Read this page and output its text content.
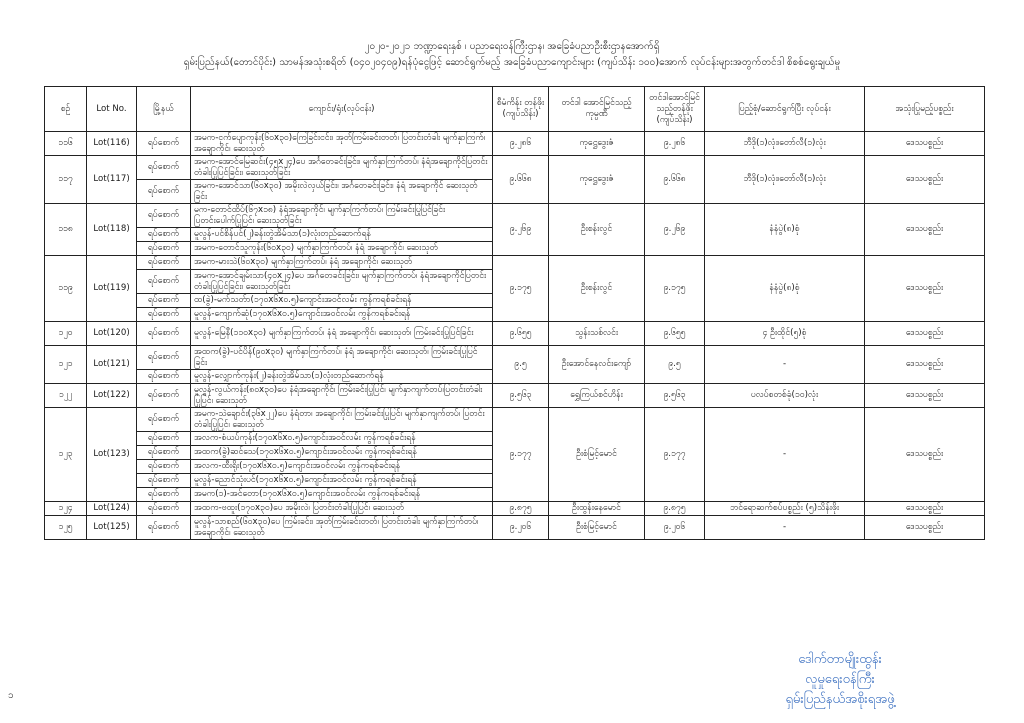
၂၀၂၀-၂၀၂၁ ဘဏ္ဍာရေးနှစ် ၊ ပညာရေးဝန်ကြီးဌာန၊ အခြေခံပညာဦးစီးဌာနအောက်ရှိ
ရှမ်းပြည်နယ်(တောင်ပိုင်း) သာမန်အသုံးစရိတ် (၀၄၀၂၀၄၀၉)ရန်ပုံငွေဖြင့် ဆောင်ရွက်မည့် အခြေခံပညာကျောင်းများ (ကျပ်သိန်း ၁၀၀)အောက် လုပ်ငန်းများအတွက်တင်ဒါ စိစစ်ရွေးချယ်မှု
စဉ်	Lot No.	မြို့နယ်	ကျောင်း/ရုံး(လုပ်ငန်း)	စီမံကိန်း တန်ဖိုး (ကျပ်သိန်း)	တင်ဒါ အောင်မြင်သည့်ကုမ္ပဏီ	တင်ဒါအောင်မြင် သည့်တန်ဖိုး (ကျပ်သိန်း)	ပြည့်စုံ/ဆောင်ရွက်ပြီး လုပ်ငန်း	အသုံးပြုမည့်ပစ္စည်း
၁၁၆	Lot(116)	ရပ်စောက်	အမက-ငှက်ပျောကုန်း(၆၀x၃၀)ကြေခြင်းငင်း၊ အုတ်ကြမ်းခင်းတတ်၊ ပြတင်းတံခါး မျက်နှာကြက်၊ အချောကိုင်၊ ဆေးသုတ်	၉.၂၈၆	ကုဋ္ဌေဒွေးဇံ	၉.၂၈၆	ဘီဒို(၁)လုံး၊တော်လီ(၁)လုံး	ဒေသပစ္စည်း
၁၁၇	Lot(117)	ရပ်စောက်	အမက-အောင်မြေဆင်း(၄၅x၂၄)ပေ အင်္ဂတေခင်းခြင်း၊ မျက်နှာကြက်တပ်၊ နံရံအချောကိုင်ပြတင်းတံခါးပြုပြင်ခြင်း၊ ဆေးသုတ်ခြင်း	၉.၆၆၈	ကုဋ္ဌေဒွေးဇံ	၉.၆၆၈	ဘီဒို(၁)လုံး၊တော်လီ(၁)လုံး	ဒေသပစ္စည်း
		ရပ်စောက်	အမက-အောင်သာ(၆၀x၃၀) အမိုးလဲလှယ်ခြင်း၊ အင်္ဂတေခင်းခြင်း၊ နံရံ အချောကိုင် ဆေးသုတ်ခြင်း					
၁၁၈	Lot(118)	ရပ်စောက်	မက-တောင်ထိပ်(၆၇x၁၈) နံရံအချောကိုင်၊ မျက်နှာကြက်တပ်၊ ကြမ်းခင်းပြုပြင်ခြင်း ပြတင်းပေါက်ပြုပြင်၊ ဆေးသုတ်ခြင်း	၉.၂၆၉	ဦးစန်းလွင်	၉.၂၆၉	နံနံပွဲ(၈)စုံ	ဒေသပစ္စည်း
		ရပ်စောက်	မူလွန်-ပင်စိန်ပင်(၂)ခန်းတွဲအိမ်သာ(၁)လုံးတည်ဆောက်ရန်					
		ရပ်စောက်	အမက-တောင်သူကုန်း(၆၀x၃၀) မျက်နှာကြက်တပ်၊ နံရံ အချောကိုင်၊ ဆေးသုတ်					
၁၁၉	Lot(119)	ရပ်စောက်	အမက-မားသဲ(၆၀x၃၀) မျက်နှာကြက်တပ်၊ နံရံ အချောကိုင်၊ ဆေးသုတ်	၉.၁၇၅	ဦးစန်းလွင်	၉.၁၇၅	နံနံပွဲ(၈)စုံ	ဒေသပစ္စည်း
		ရပ်စောက်	အမက-အောင်ချမ်းသာ(၄၀x၂၄)ပေ အင်္ဂတေခင်းခြင်း၊ မျက်နှာကြက်တပ်၊ နံရံအချောကိုင်ပြတင်းတံခါးပြုပြင်ခြင်း၊ ဆေးသုတ်ခြင်း					
		ရပ်စောက်	ထ(ခွဲ)-မက်သတ်ာ(၁၇၀x၆x၀.၅)ကျောင်းအဝင်လမ်း ကွန်ကရစ်ခင်းရန်					
		ရပ်စောက်	မူလွန်-ကျောက်ဆုံ(၁၇၀x၆x၀.၅)ကျောင်းအဝင်လမ်း ကွန်ကရစ်ခင်းရန်					
၁၂၀	Lot(120)	ရပ်စောက်	မူလွန်-မြေနီ(၁၁၀x၃၀) မျက်နှာကြက်တပ်၊ နံရံ အချောကိုင်၊ ဆေးသုတ်၊ ကြမ်းခင်းပြုပြင်ခြင်း	၉.၆၅၅	သွန်းသစ်လင်း	၉.၆၅၅	၄ ဦးထိုင်(၅)စုံ	ဒေသပစ္စည်း
၁၂၁	Lot(121)	ရပ်စောက်	အထက(ခွဲ)-ပင်ပိန်(၉၀x၃၀) မျက်နှာကြက်တပ်၊ နံရံ အချောကိုင်၊ ဆေးသုတ်၊ ကြမ်းခင်းပြုပြင်ခြင်း	၉.၅	ဦးအောင်နေလင်းကျော်	၉.၅	-	ဒေသပစ္စည်း
		ရပ်စောက်	မူလွန်-လျှောက်ကုန်း(၂)ခန်းတွဲအိမ်သာ(၁)လုံးတည်ဆောက်ရန်					
၁၂၂	Lot(122)	ရပ်စောက်	မူလွန်-လွယ်ကန်း(၈၀x၃၀)ပေ နံရံအချောကိုင်၊ ကြမ်းခင်းပြုပြင်၊ မျက်နှာကျက်တပ်၊ပြတင်းတံခါးပြုပြင်၊ ဆေးသုတ်	၉.၅၆၃	ရွှေကြယ်စင်ဟိန်း	၉.၅၆၃	ပလပ်စတစ်ခုံ(၁၀)လုံး	ဒေသပစ္စည်း
၁၂၃	Lot(123)	ရပ်စောက်	အမက-သဲချောင်း(၃၆x၂၂)ပေ နံရံတာ၊ အချောကိုင်၊ ကြမ်းခင်းပြုပြင်၊ မျက်နှာကျက်တပ်၊ ပြတင်းတံခါးပြုပြင်၊ ဆေးသုတ်	၉.၁၇၇	ဦးစံမြင့်မောင်	၉.၁၇၇	-	ဒေသပစ္စည်း
		ရပ်စောက်	အလက-စံယပ်ကုန်း(၁၇၀x၆x၀.၅)ကျောင်းအဝင်လမ်း ကွန်ကရစ်ခင်းရန်					
		ရပ်စောက်	အထက(ခွဲ)ဆင်သေ(၁၇၀x၆x၀.၅)ကျောင်းအဝင်လမ်း ကွန်ကရစ်ခင်းရန်					
		ရပ်စောက်	အလက-ထီးရိုး(၁၇၀x၆x၀.၅)ကျောင်းအဝင်လမ်း ကွန်ကရစ်ခင်းရန်					
		ရပ်စောက်	မူလွန်-ညောင်သုံးပင်(၁၇၀x၆x၀.၅)ကျောင်းအဝင်လမ်း ကွန်ကရစ်ခင်းရန်					
		ရပ်စောက်	အမက(၁)-အင်တော(၁၇၀x၆x၀.၅)ကျောင်းအဝင်လမ်း ကွန်ကရစ်ခင်းရန်					
၁၂၄	Lot(124)	ရပ်စောက်	အထက-ဗထူး(၁၇၀x၃၀)ပေ အမိုးလဲ၊ ပြတင်းတံခါးပြုပြင်၊ ဆေးသုတ်	၉.၈၇၅	ဦးထွန်းနေမောင်	၉.၈၇၅	ဘင်ရောဆက်စပ်ပစ္စည်း (၅)သိန်းဖိုး	ဒေသပစ္စည်း
၁၂၅	Lot(125)	ရပ်စောက်	မူလွန်-သာစည်(၆၀x၃၀)ပေ ကြမ်းခင်း၊ အုတ်ကြမ်းခင်းတတ်၊ ပြတင်းတံခါး မျက်နှာကြက်တပ်၊ အချောကိုင်၊ ဆေးသုတ်	၉.၂၀၆	ဦးစံမြင့်မောင်	၉.၂၀၆	-	ဒေသပစ္စည်း
ဒေါက်တာမျိုးထွန်း
လူမှုရေးဝန်ကြီး
ရှမ်းပြည်နယ်အစိုးရအဖွဲ့
၁
